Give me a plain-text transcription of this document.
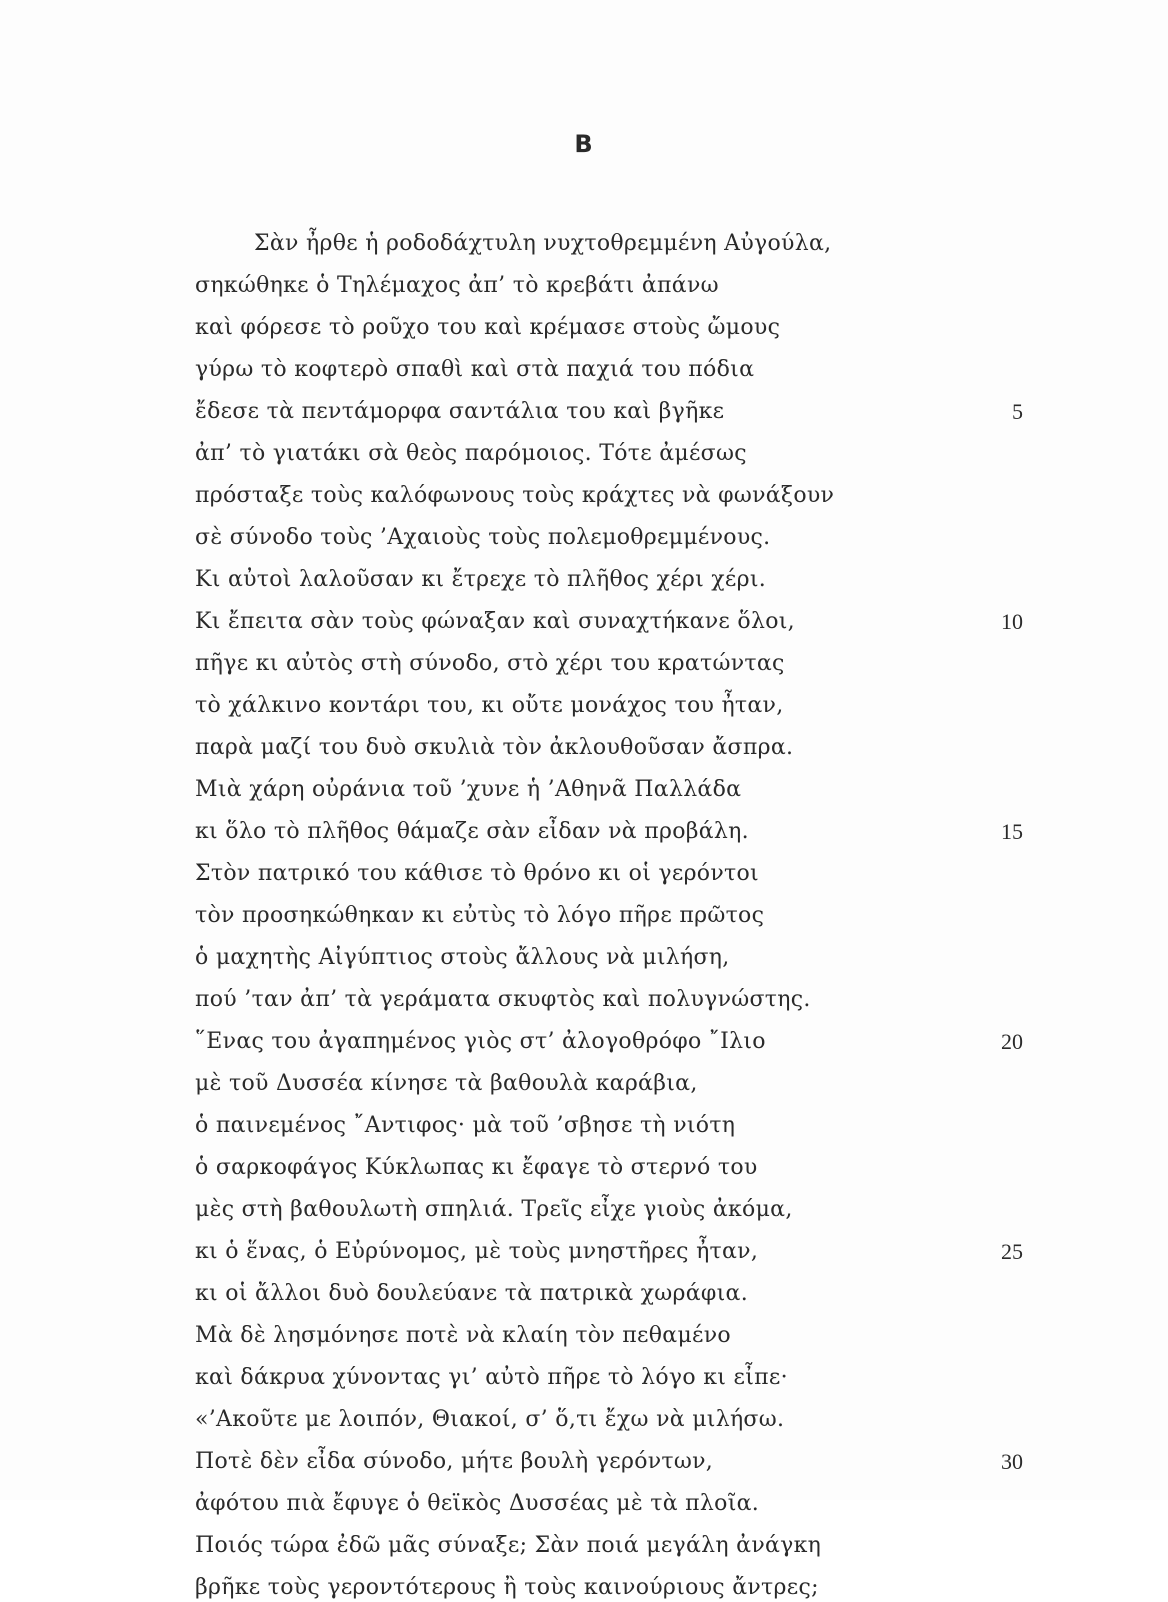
Β
Σὰν ἦρθε ἡ ροδοδάχτυλη νυχτοθρεμμένη Αὐγούλα,
σηκώθηκε ὁ Τηλέμαχος ἀπ’ τὸ κρεβάτι ἀπάνω
καὶ φόρεσε τὸ ροῦχο του καὶ κρέμασε στοὺς ὤμους
γύρω τὸ κοφτερὸ σπαθὶ καὶ στὰ παχιά του πόδια
ἔδεσε τὰ πεντάμορφα σαντάλια του καὶ βγῆκε
ἀπ’ τὸ γιατάκι σὰ θεὸς παρόμοιος. Τότε ἀμέσως
πρόσταξε τοὺς καλόφωνους τοὺς κράχτες νὰ φωνάξουν
σὲ σύνοδο τοὺς ’Αχαιοὺς τοὺς πολεμοθρεμμένους.
Κι αὐτοὶ λαλοῦσαν κι ἔτρεχε τὸ πλῆθος χέρι χέρι.
Κι ἔπειτα σὰν τοὺς φώναξαν καὶ συναχτήκανε ὅλοι,
πῆγε κι αὐτὸς στὴ σύνοδο, στὸ χέρι του κρατώντας
τὸ χάλκινο κοντάρι του, κι οὔτε μονάχος του ἦταν,
παρὰ μαζί του δυὸ σκυλιὰ τὸν ἀκλουθοῦσαν ἄσπρα.
Μιὰ χάρη οὐράνια τοῦ ’χυνε ἡ ’Αθηνᾶ Παλλάδα
κι ὅλο τὸ πλῆθος θάμαζε σὰν εἶδαν νὰ προβάλη.
Στὸν πατρικό του κάθισε τὸ θρόνο κι οἱ γερόντοι
τὸν προσηκώθηκαν κι εὐτὺς τὸ λόγο πῆρε πρῶτος
ὁ μαχητὴς Αἰγύπτιος στοὺς ἄλλους νὰ μιλήση,
πού ’ταν ἀπ’ τὰ γεράματα σκυφτὸς καὶ πολυγνώστης.
῞Ενας του ἀγαπημένος γιὸς στ’ ἀλογοθρόφο ῎Ιλιο
μὲ τοῦ Δυσσέα κίνησε τὰ βαθουλὰ καράβια,
ὁ παινεμένος ῎Αντιφος· μὰ τοῦ ’σβησε τὴ νιότη
ὁ σαρκοφάγος Κύκλωπας κι ἔφαγε τὸ στερνό του
μὲς στὴ βαθουλωτὴ σπηλιά. Τρεῖς εἶχε γιοὺς ἀκόμα,
κι ὁ ἕνας, ὁ Εὐρύνομος, μὲ τοὺς μνηστῆρες ἦταν,
κι οἱ ἄλλοι δυὸ δουλεύανε τὰ πατρικὰ χωράφια.
Μὰ δὲ λησμόνησε ποτὲ νὰ κλαίη τὸν πεθαμένο
καὶ δάκρυα χύνοντας γι’ αὐτὸ πῆρε τὸ λόγο κι εἶπε·
«’Ακοῦτε με λοιπόν, Θιακοί, σ’ ὅ,τι ἔχω νὰ μιλήσω.
Ποτὲ δὲν εἶδα σύνοδο, μήτε βουλὴ γερόντων,
ἀφότου πιὰ ἔφυγε ὁ θεϊκὸς Δυσσέας μὲ τὰ πλοῖα.
Ποιός τώρα ἐδῶ μᾶς σύναξε; Σὰν ποιά μεγάλη ἀνάγκη
βρῆκε τοὺς γεροντότερους ἢ τοὺς καινούριους ἄντρες;
5
10
15
20
25
30
